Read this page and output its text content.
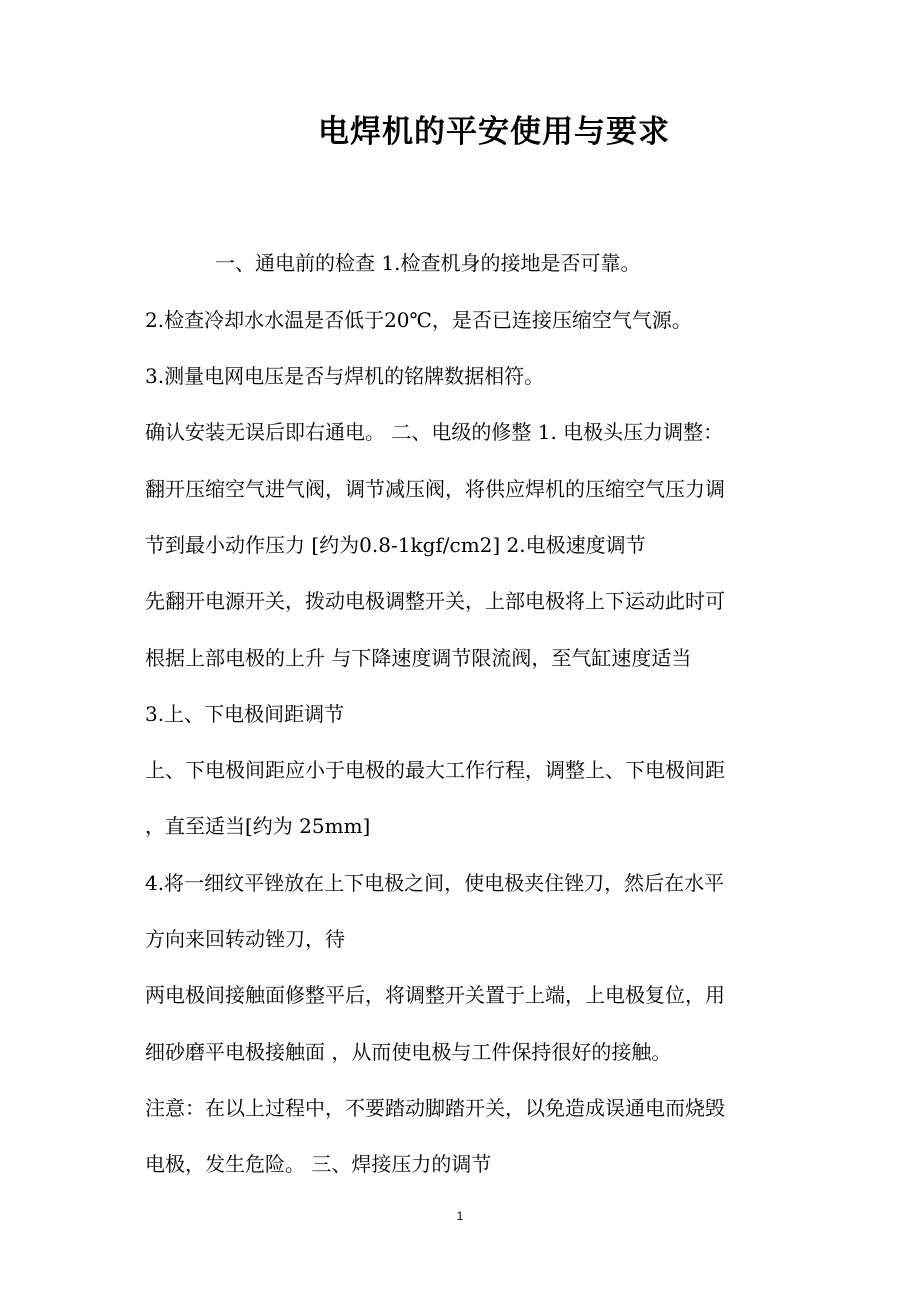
电焊机的平安使用与要求
一、通电前的检查 1.检查机身的接地是否可靠。
2.检查冷却水水温是否低于20℃，是否已连接压缩空气气源。
3.测量电网电压是否与焊机的铭牌数据相符。
确认安装无误后即右通电。 二、电级的修整 1. 电极头压力调整：
翻开压缩空气进气阀，调节减压阀，将供应焊机的压缩空气压力调
节到最小动作压力 [约为0.8-1kgf/cm2] 2.电极速度调节
先翻开电源开关，拨动电极调整开关，上部电极将上下运动此时可
根据上部电极的上升 与下降速度调节限流阀，至气缸速度适当
3.上、下电极间距调节
上、下电极间距应小于电极的最大工作行程，调整上、下电极间距
，直至适当[约为 25mm]
4.将一细纹平锉放在上下电极之间，使电极夹住锉刀，然后在水平
方向来回转动锉刀，待
两电极间接触面修整平后，将调整开关置于上端，上电极复位，用
细砂磨平电极接触面 ，从而使电极与工件保持很好的接触。
注意：在以上过程中，不要踏动脚踏开关，以免造成误通电而烧毁
电极，发生危险。 三、焊接压力的调节
1
